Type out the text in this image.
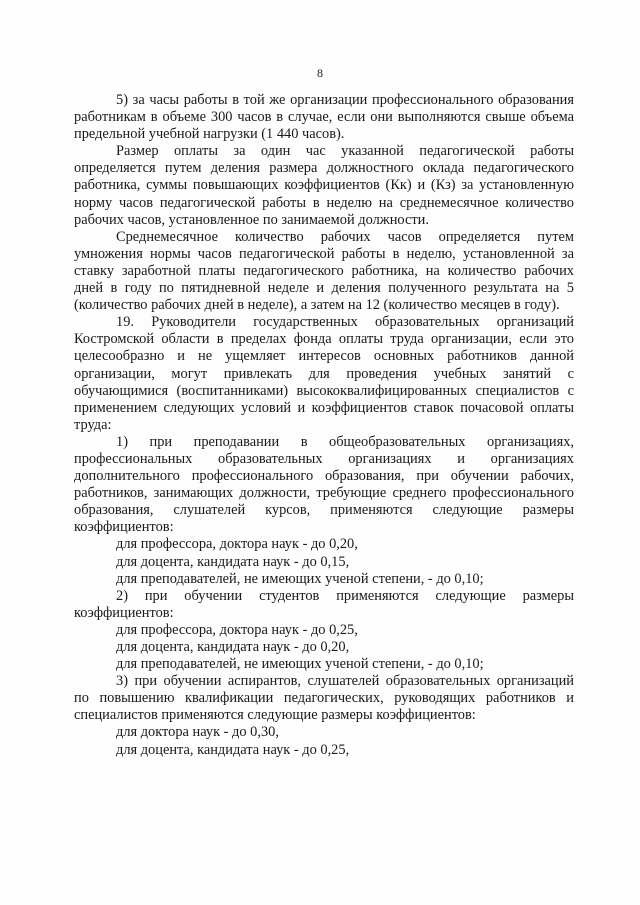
8

5) за часы работы в той же организации профессионального образования работникам в объеме 300 часов в случае, если они выполняются свыше объема предельной учебной нагрузки (1 440 часов).

Размер оплаты за один час указанной педагогической работы определяется путем деления размера должностного оклада педагогического работника, суммы повышающих коэффициентов (Кк) и (Кз) за установленную норму часов педагогической работы в неделю на среднемесячное количество рабочих часов, установленное по занимаемой должности.

Среднемесячное количество рабочих часов определяется путем умножения нормы часов педагогической работы в неделю, установленной за ставку заработной платы педагогического работника, на количество рабочих дней в году по пятидневной неделе и деления полученного результата на 5 (количество рабочих дней в неделе), а затем на 12 (количество месяцев в году).

19. Руководители государственных образовательных организаций Костромской области в пределах фонда оплаты труда организации, если это целесообразно и не ущемляет интересов основных работников данной организации, могут привлекать для проведения учебных занятий с обучающимися (воспитанниками) высококвалифицированных специалистов с применением следующих условий и коэффициентов ставок почасовой оплаты труда:

1) при преподавании в общеобразовательных организациях, профессиональных образовательных организациях и организациях дополнительного профессионального образования, при обучении рабочих, работников, занимающих должности, требующие среднего профессионального образования, слушателей курсов, применяются следующие размеры коэффициентов:

для профессора, доктора наук - до 0,20,

для доцента, кандидата наук - до 0,15,

для преподавателей, не имеющих ученой степени, - до 0,10;

2) при обучении студентов применяются следующие размеры коэффициентов:

для профессора, доктора наук - до 0,25,

для доцента, кандидата наук - до 0,20,

для преподавателей, не имеющих ученой степени, - до 0,10;

3) при обучении аспирантов, слушателей образовательных организаций по повышению квалификации педагогических, руководящих работников и специалистов применяются следующие размеры коэффициентов:

для доктора наук - до 0,30,

для доцента, кандидата наук - до 0,25,
